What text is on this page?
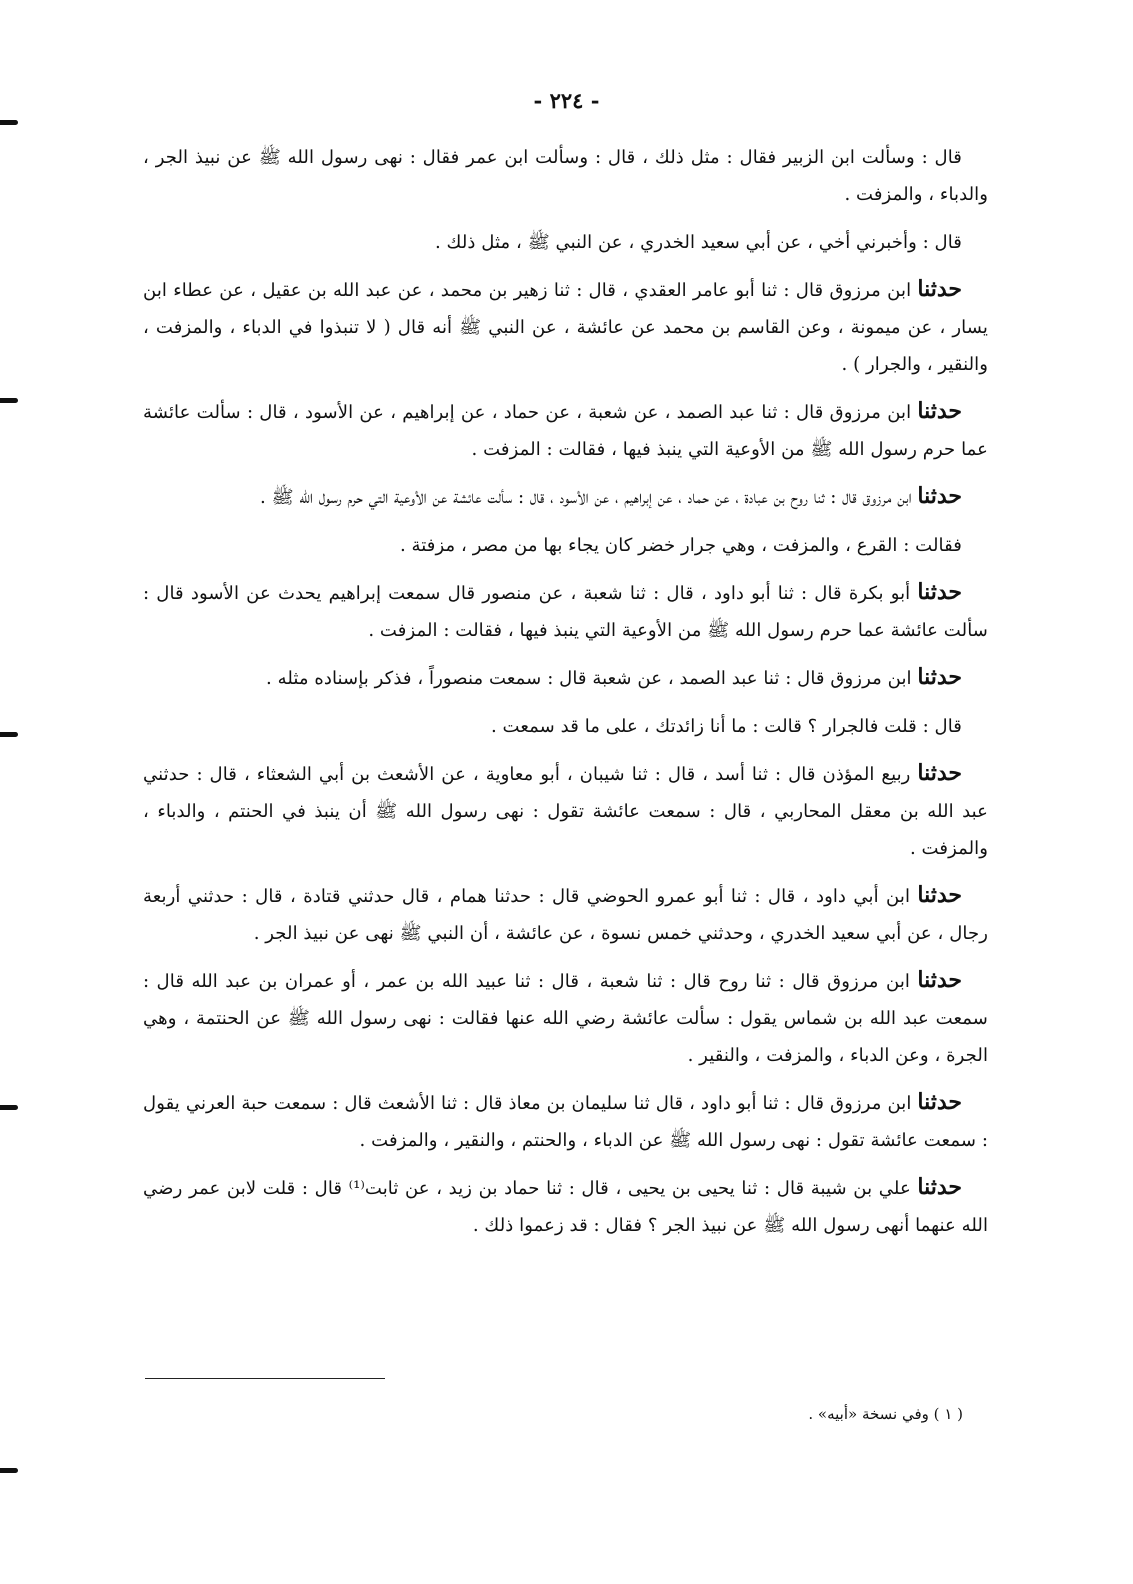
- ٢٢٤ -

قال : وسألت ابن الزبير فقال : مثل ذلك ، قال : وسألت ابن عمر فقال : نهى رسول الله ﷺ عن نبيذ الجر ، والدباء ، والمزفت .

قال : وأخبرني أخي ، عن أبي سعيد الخدري ، عن النبي ﷺ ، مثل ذلك .

حدثنا ابن مرزوق قال : ثنا أبو عامر العقدي ، قال : ثنا زهير بن محمد ، عن عبد الله بن عقيل ، عن عطاء ابن يسار ، عن ميمونة ، وعن القاسم بن محمد عن عائشة ، عن النبي ﷺ أنه قال ( لا تنبذوا في الدباء ، والمزفت ، والنقير ، والجرار ) .

حدثنا ابن مرزوق قال : ثنا عبد الصمد ، عن شعبة ، عن حماد ، عن إبراهيم ، عن الأسود ، قال : سألت عائشة عما حرم رسول الله ﷺ من الأوعية التي ينبذ فيها ، فقالت : المزفت .

حدثنا ابن مرزوق قال : ثنا روح بن عبادة ، عن حماد ، عن إبراهيم ، عن الأسود ، قال : سألت عائشة عن الأوعية التي حرم رسول الله ﷺ .

فقالت : القرع ، والمزفت ، وهي جرار خضر كان يجاء بها من مصر ، مزفتة .

حدثنا أبو بكرة قال : ثنا أبو داود ، قال : ثنا شعبة ، عن منصور قال سمعت إبراهيم يحدث عن الأسود قال : سألت عائشة عما حرم رسول الله ﷺ من الأوعية التي ينبذ فيها ، فقالت : المزفت .

حدثنا ابن مرزوق قال : ثنا عبد الصمد ، عن شعبة قال : سمعت منصوراً ، فذكر بإسناده مثله .

قال : قلت فالجرار ؟ قالت : ما أنا زائدتك ، على ما قد سمعت .

حدثنا ربيع المؤذن قال : ثنا أسد ، قال : ثنا شيبان ، أبو معاوية ، عن الأشعث بن أبي الشعثاء ، قال : حدثني عبد الله بن معقل المحاربي ، قال : سمعت عائشة تقول : نهى رسول الله ﷺ أن ينبذ في الحنتم ، والدباء ، والمزفت .

حدثنا ابن أبي داود ، قال : ثنا أبو عمرو الحوضي قال : حدثنا همام ، قال حدثني قتادة ، قال : حدثني أربعة رجال ، عن أبي سعيد الخدري ، وحدثني خمس نسوة ، عن عائشة ، أن النبي ﷺ نهى عن نبيذ الجر .

حدثنا ابن مرزوق قال : ثنا روح قال : ثنا شعبة ، قال : ثنا عبيد الله بن عمر ، أو عمران بن عبد الله قال : سمعت عبد الله بن شماس يقول : سألت عائشة رضي الله عنها فقالت : نهى رسول الله ﷺ عن الحنتمة ، وهي الجرة ، وعن الدباء ، والمزفت ، والنقير .

حدثنا ابن مرزوق قال : ثنا أبو داود ، قال ثنا سليمان بن معاذ قال : ثنا الأشعث قال : سمعت حبة العرني يقول : سمعت عائشة تقول : نهى رسول الله ﷺ عن الدباء ، والحنتم ، والنقير ، والمزفت .

حدثنا علي بن شيبة قال : ثنا يحيى بن يحيى ، قال : ثنا حماد بن زيد ، عن ثابت⁽¹⁾ قال : قلت لابن عمر رضي الله عنهما أنهى رسول الله ﷺ عن نبيذ الجر ؟ فقال : قد زعموا ذلك .

( ١ ) وفي نسخة «أبيه» .
